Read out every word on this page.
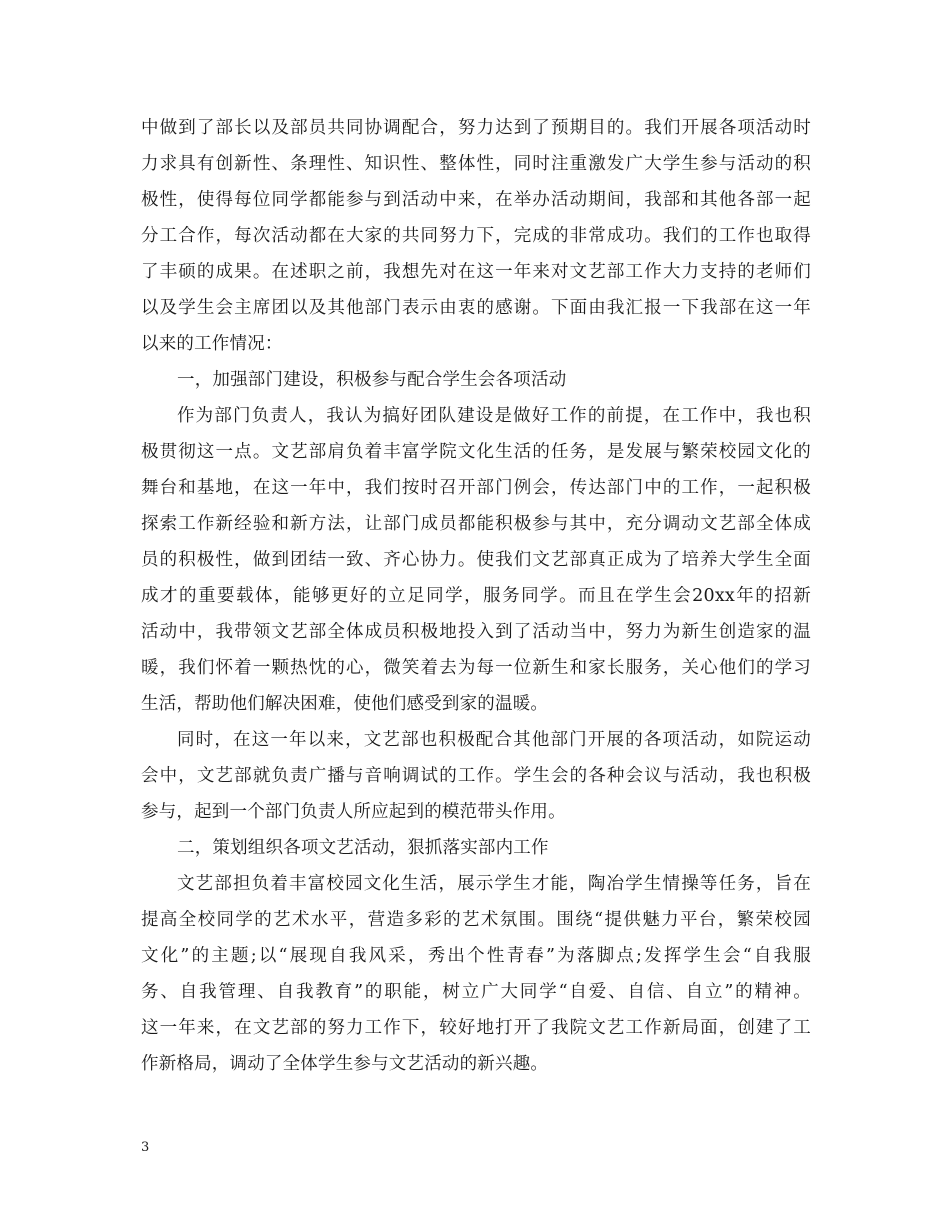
中做到了部长以及部员共同协调配合，努力达到了预期目的。我们开展各项活动时
力求具有创新性、条理性、知识性、整体性，同时注重激发广大学生参与活动的积
极性，使得每位同学都能参与到活动中来，在举办活动期间，我部和其他各部一起
分工合作，每次活动都在大家的共同努力下，完成的非常成功。我们的工作也取得
了丰硕的成果。在述职之前，我想先对在这一年来对文艺部工作大力支持的老师们
以及学生会主席团以及其他部门表示由衷的感谢。下面由我汇报一下我部在这一年
以来的工作情况：
一，加强部门建设，积极参与配合学生会各项活动
作为部门负责人，我认为搞好团队建设是做好工作的前提，在工作中，我也积
极贯彻这一点。文艺部肩负着丰富学院文化生活的任务，是发展与繁荣校园文化的
舞台和基地，在这一年中，我们按时召开部门例会，传达部门中的工作，一起积极
探索工作新经验和新方法，让部门成员都能积极参与其中，充分调动文艺部全体成
员的积极性，做到团结一致、齐心协力。使我们文艺部真正成为了培养大学生全面
成才的重要载体，能够更好的立足同学，服务同学。而且在学生会20xx年的招新
活动中，我带领文艺部全体成员积极地投入到了活动当中，努力为新生创造家的温
暖，我们怀着一颗热忱的心，微笑着去为每一位新生和家长服务，关心他们的学习
生活，帮助他们解决困难，使他们感受到家的温暖。
同时，在这一年以来，文艺部也积极配合其他部门开展的各项活动，如院运动
会中，文艺部就负责广播与音响调试的工作。学生会的各种会议与活动，我也积极
参与，起到一个部门负责人所应起到的模范带头作用。
二，策划组织各项文艺活动，狠抓落实部内工作
文艺部担负着丰富校园文化生活，展示学生才能，陶冶学生情操等任务，旨在
提高全校同学的艺术水平，营造多彩的艺术氛围。围绕“提供魅力平台，繁荣校园
文化”的主题;以“展现自我风采，秀出个性青春”为落脚点;发挥学生会“自我服
务、自我管理、自我教育”的职能，树立广大同学“自爱、自信、自立”的精神。
这一年来，在文艺部的努力工作下，较好地打开了我院文艺工作新局面，创建了工
作新格局，调动了全体学生参与文艺活动的新兴趣。
3
